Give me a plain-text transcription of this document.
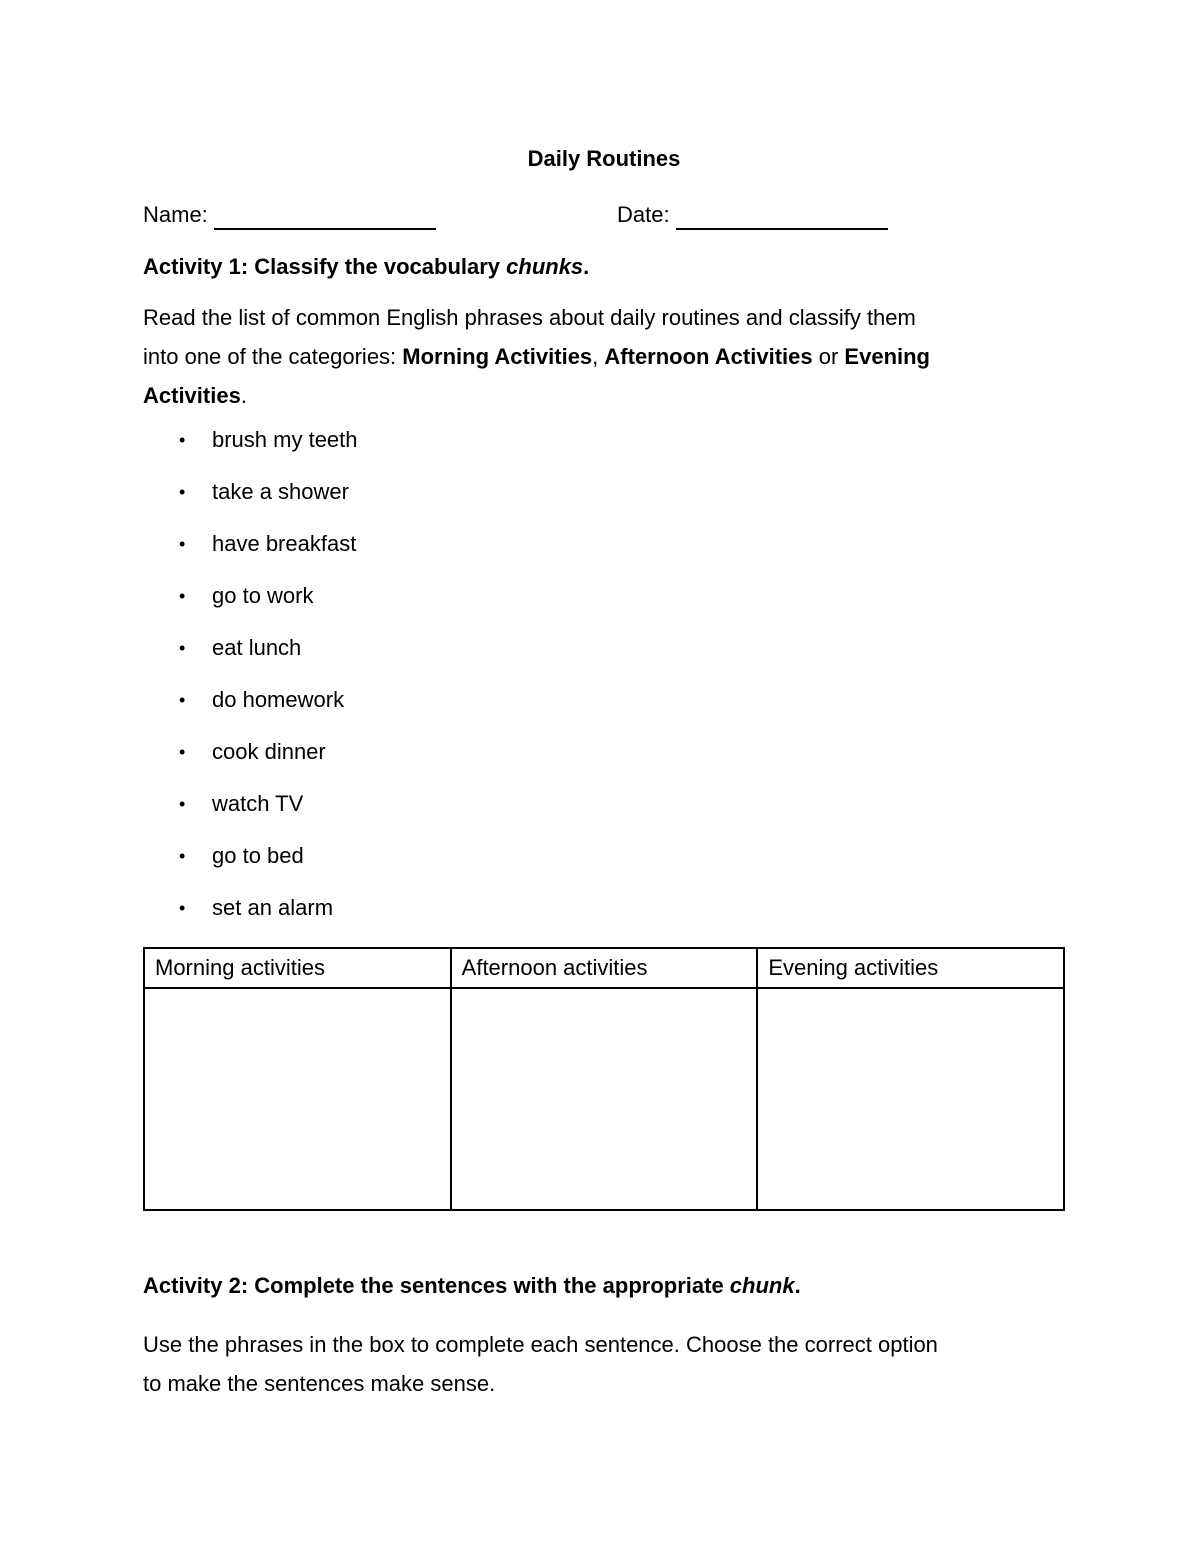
Daily Routines
Name:	Date:
Activity 1: Classify the vocabulary chunks.
Read the list of common English phrases about daily routines and classify them
into one of the categories: Morning Activities, Afternoon Activities or Evening
Activities.
• brush my teeth
• take a shower
• have breakfast
• go to work
• eat lunch
• do homework
• cook dinner
• watch TV
• go to bed
• set an alarm
Morning activities	Afternoon activities	Evening activities

Activity 2: Complete the sentences with the appropriate chunk.
Use the phrases in the box to complete each sentence. Choose the correct option
to make the sentences make sense.
